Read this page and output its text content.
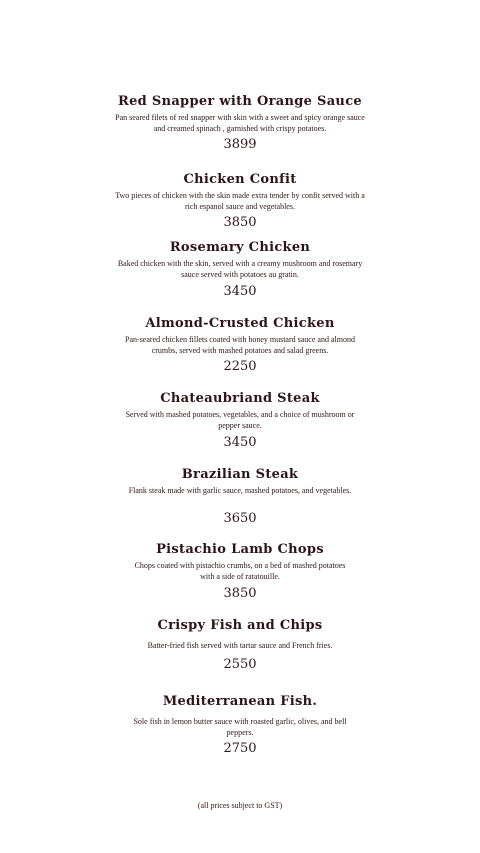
Red Snapper with Orange Sauce

Pan seared filets of red snapper with skin with a sweet and spicy orange sauce and creamed spinach , garnished with crispy potatoes.

3899
Chicken Confit

Two pieces of chicken with the skin made extra tender by confit served with a rich espanol sauce and vegetables.

3850
Rosemary Chicken

Baked chicken with the skin, served with a creamy mushroom and rosemary sauce served with potatoes au gratin.

3450
Almond-Crusted Chicken

Pan-seared chicken fillets coated with honey mustard sauce and almond crumbs, served with mashed potatoes and salad greens.

2250
Chateaubriand Steak

Served with mashed potatoes, vegetables, and a choice of mushroom or pepper sauce.

3450
Brazilian Steak

Flank steak made with garlic sauce, mashed potatoes, and vegetables.

3650
Pistachio Lamb Chops

Chops coated with pistachio crumbs, on a bed of mashed potatoes with a side of ratatouille.

3850
Crispy Fish and Chips

Batter-fried fish served with tartar sauce and French fries.

2550
Mediterranean Fish.

Sole fish in lemon butter sauce with roasted garlic, olives, and bell peppers.

2750
(all prices subject to GST)
